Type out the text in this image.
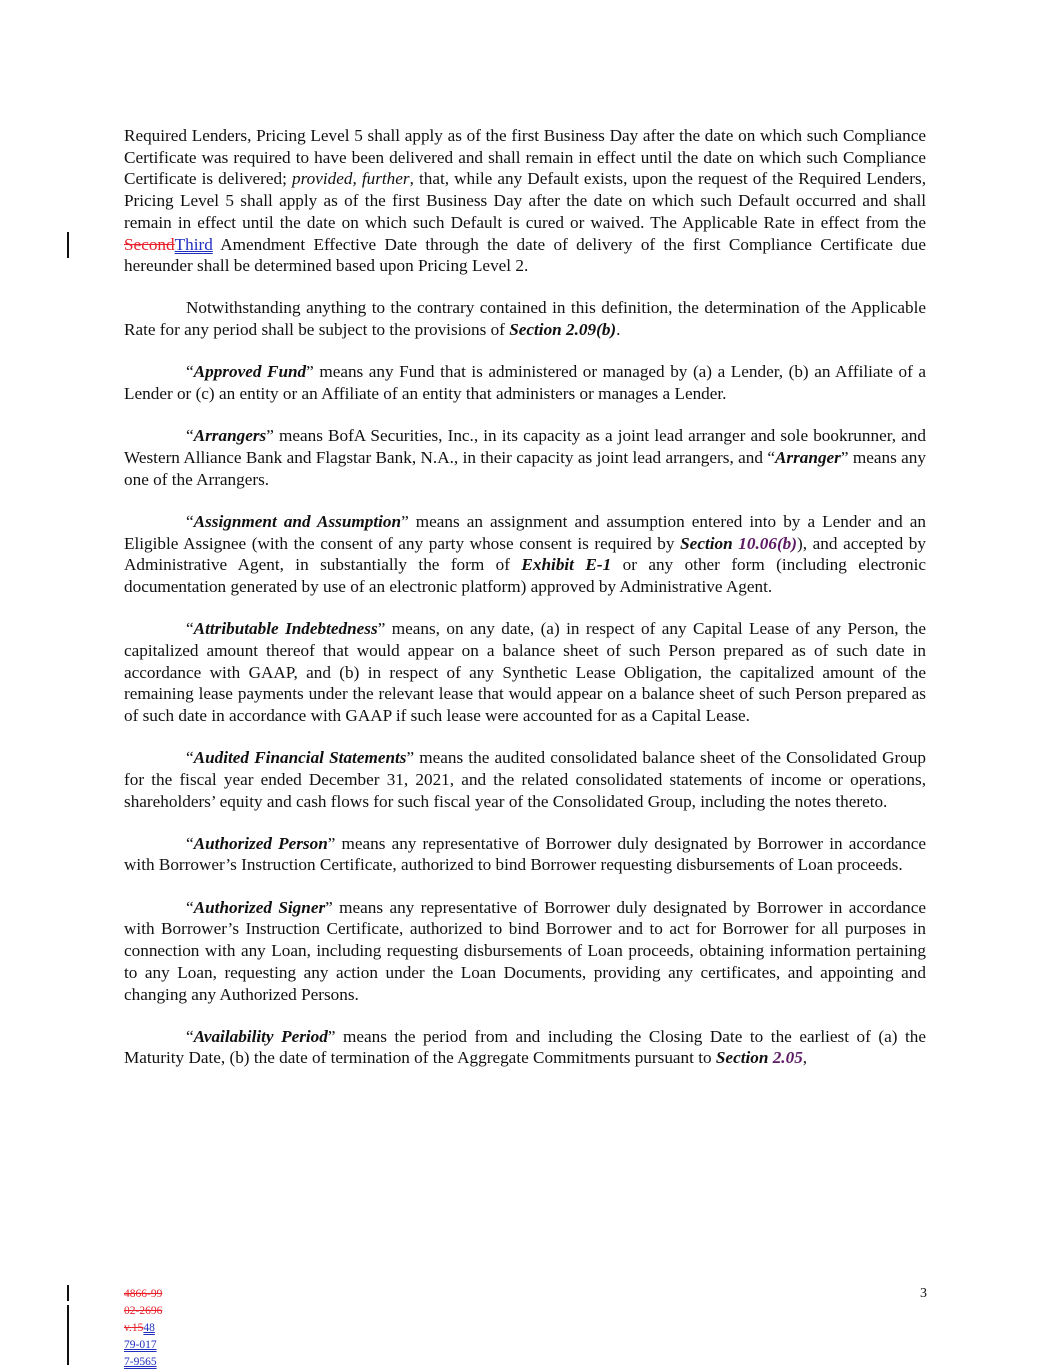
Required Lenders, Pricing Level 5 shall apply as of the first Business Day after the date on which such Compliance Certificate was required to have been delivered and shall remain in effect until the date on which such Compliance Certificate is delivered; provided, further, that, while any Default exists, upon the request of the Required Lenders, Pricing Level 5 shall apply as of the first Business Day after the date on which such Default occurred and shall remain in effect until the date on which such Default is cured or waived. The Applicable Rate in effect from the SecondThird Amendment Effective Date through the date of delivery of the first Compliance Certificate due hereunder shall be determined based upon Pricing Level 2.

Notwithstanding anything to the contrary contained in this definition, the determination of the Applicable Rate for any period shall be subject to the provisions of Section 2.09(b).

“Approved Fund” means any Fund that is administered or managed by (a) a Lender, (b) an Affiliate of a Lender or (c) an entity or an Affiliate of an entity that administers or manages a Lender.

“Arrangers” means BofA Securities, Inc., in its capacity as a joint lead arranger and sole bookrunner, and Western Alliance Bank and Flagstar Bank, N.A., in their capacity as joint lead arrangers, and “Arranger” means any one of the Arrangers.

“Assignment and Assumption” means an assignment and assumption entered into by a Lender and an Eligible Assignee (with the consent of any party whose consent is required by Section 10.06(b)), and accepted by Administrative Agent, in substantially the form of Exhibit E-1 or any other form (including electronic documentation generated by use of an electronic platform) approved by Administrative Agent.

“Attributable Indebtedness” means, on any date, (a) in respect of any Capital Lease of any Person, the capitalized amount thereof that would appear on a balance sheet of such Person prepared as of such date in accordance with GAAP, and (b) in respect of any Synthetic Lease Obligation, the capitalized amount of the remaining lease payments under the relevant lease that would appear on a balance sheet of such Person prepared as of such date in accordance with GAAP if such lease were accounted for as a Capital Lease.

“Audited Financial Statements” means the audited consolidated balance sheet of the Consolidated Group for the fiscal year ended December 31, 2021, and the related consolidated statements of income or operations, shareholders’ equity and cash flows for such fiscal year of the Consolidated Group, including the notes thereto.

“Authorized Person” means any representative of Borrower duly designated by Borrower in accordance with Borrower’s Instruction Certificate, authorized to bind Borrower requesting disbursements of Loan proceeds.

“Authorized Signer” means any representative of Borrower duly designated by Borrower in accordance with Borrower’s Instruction Certificate, authorized to bind Borrower and to act for Borrower for all purposes in connection with any Loan, including requesting disbursements of Loan proceeds, obtaining information pertaining to any Loan, requesting any action under the Loan Documents, providing any certificates, and appointing and changing any Authorized Persons.

“Availability Period” means the period from and including the Closing Date to the earliest of (a) the Maturity Date, (b) the date of termination of the Aggregate Commitments pursuant to Section 2.05,

4866-99
02-2696
v.1548
79-017
7-9565
3
